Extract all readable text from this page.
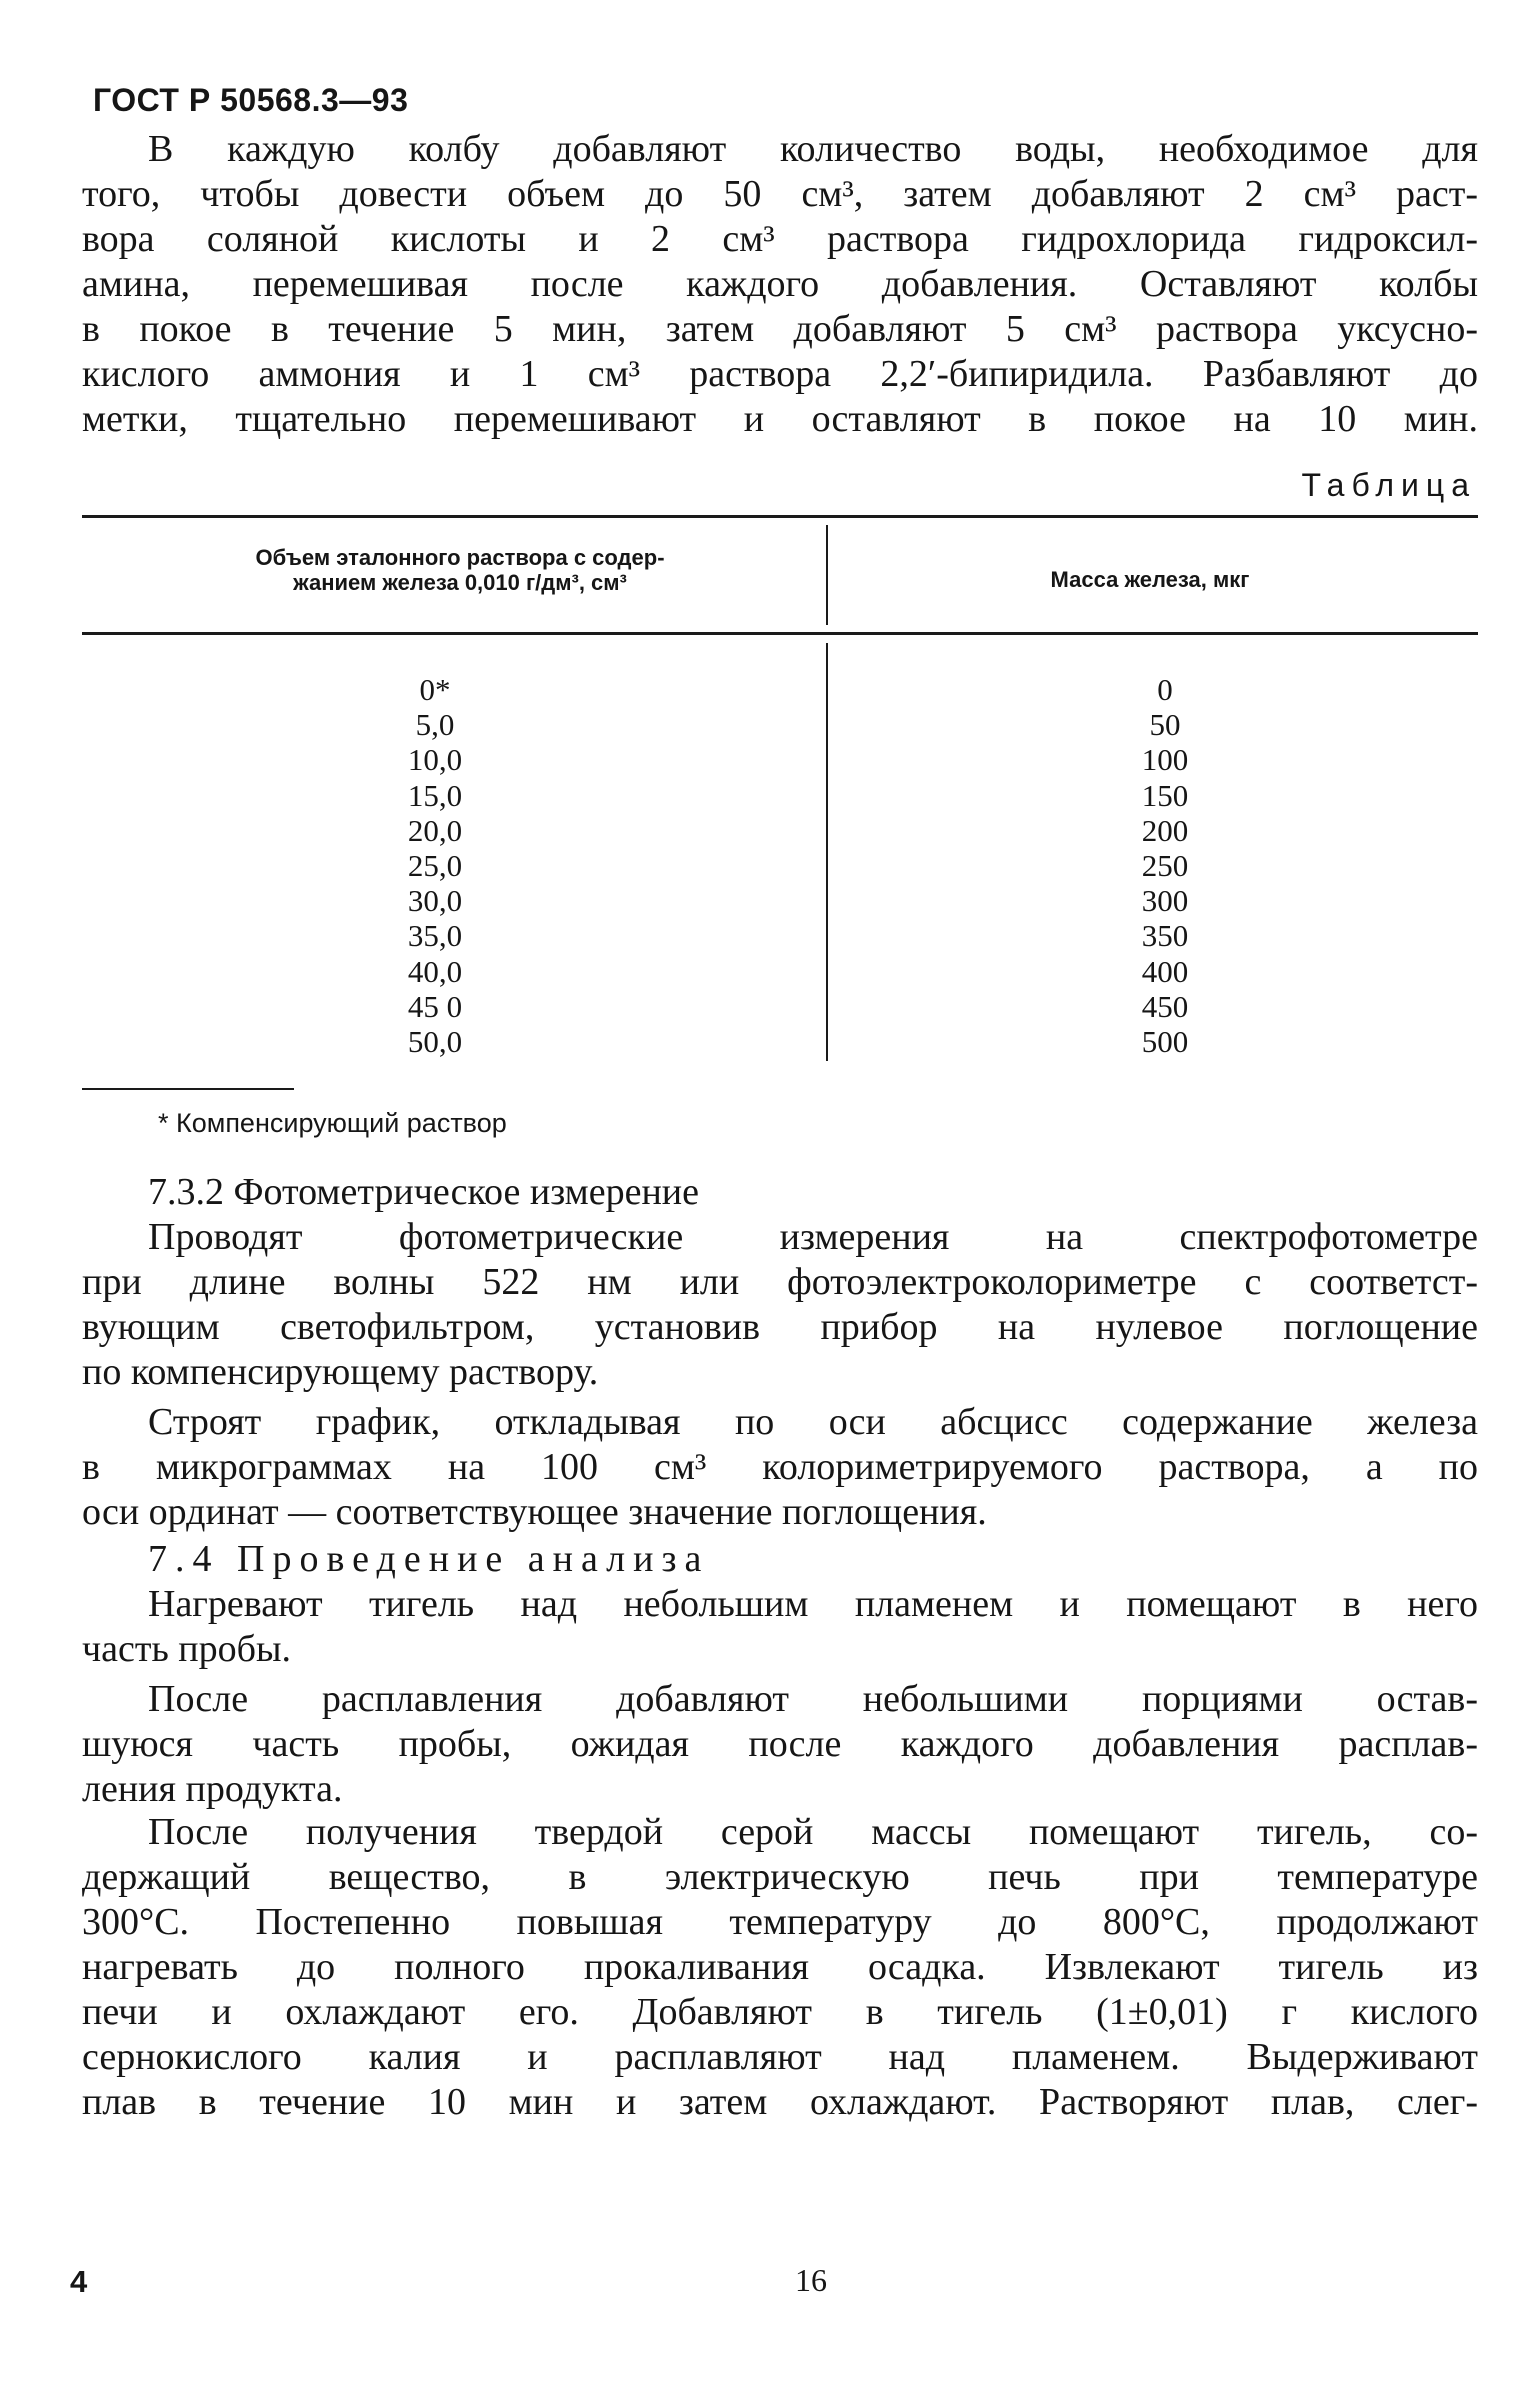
ГОСТ Р 50568.3—93
В каждую колбу добавляют количество воды, необходимое для
того, чтобы довести объем до 50 см³, затем добавляют 2 см³ раст-
вора соляной кислоты и 2 см³ раствора гидрохлорида гидроксил-
амина, перемешивая после каждого добавления. Оставляют колбы
в покое в течение 5 мин, затем добавляют 5 см³ раствора уксусно-
кислого аммония и 1 см³ раствора 2,2′-бипиридила. Разбавляют до
метки, тщательно перемешивают и оставляют в покое на 10 мин.
Таблица
Объем эталонного раствора с содер-
жанием железа 0,010 г/дм³, см³	Масса железа, мкг
0*
5,0
10,0
15,0
20,0
25,0
30,0
35,0
40,0
45 0
50,0
0
50
100
150
200
250
300
350
400
450
500
* Компенсирующий раствор
7.3.2 Фотометрическое измерение
Проводят фотометрические измерения на спектрофотометре
при длине волны 522 нм или фотоэлектроколориметре с соответст-
вующим светофильтром, установив прибор на нулевое поглощение
по компенсирующему раствору.
Строят график, откладывая по оси абсцисс содержание железа
в микрограммах на 100 см³ колориметрируемого раствора, а по
оси ординат — соответствующее значение поглощения.
7.4 Проведение анализа
Нагревают тигель над небольшим пламенем и помещают в него
часть пробы.
После расплавления добавляют небольшими порциями остав-
шуюся часть пробы, ожидая после каждого добавления расплав-
ления продукта.
После получения твердой серой массы помещают тигель, со-
держащий вещество, в электрическую печь при температуре
300°С. Постепенно повышая температуру до 800°С, продолжают
нагревать до полного прокаливания осадка. Извлекают тигель из
печи и охлаждают его. Добавляют в тигель (1±0,01) г кислого
сернокислого калия и расплавляют над пламенем. Выдерживают
плав в течение 10 мин и затем охлаждают. Растворяют плав, слег-
4	16
